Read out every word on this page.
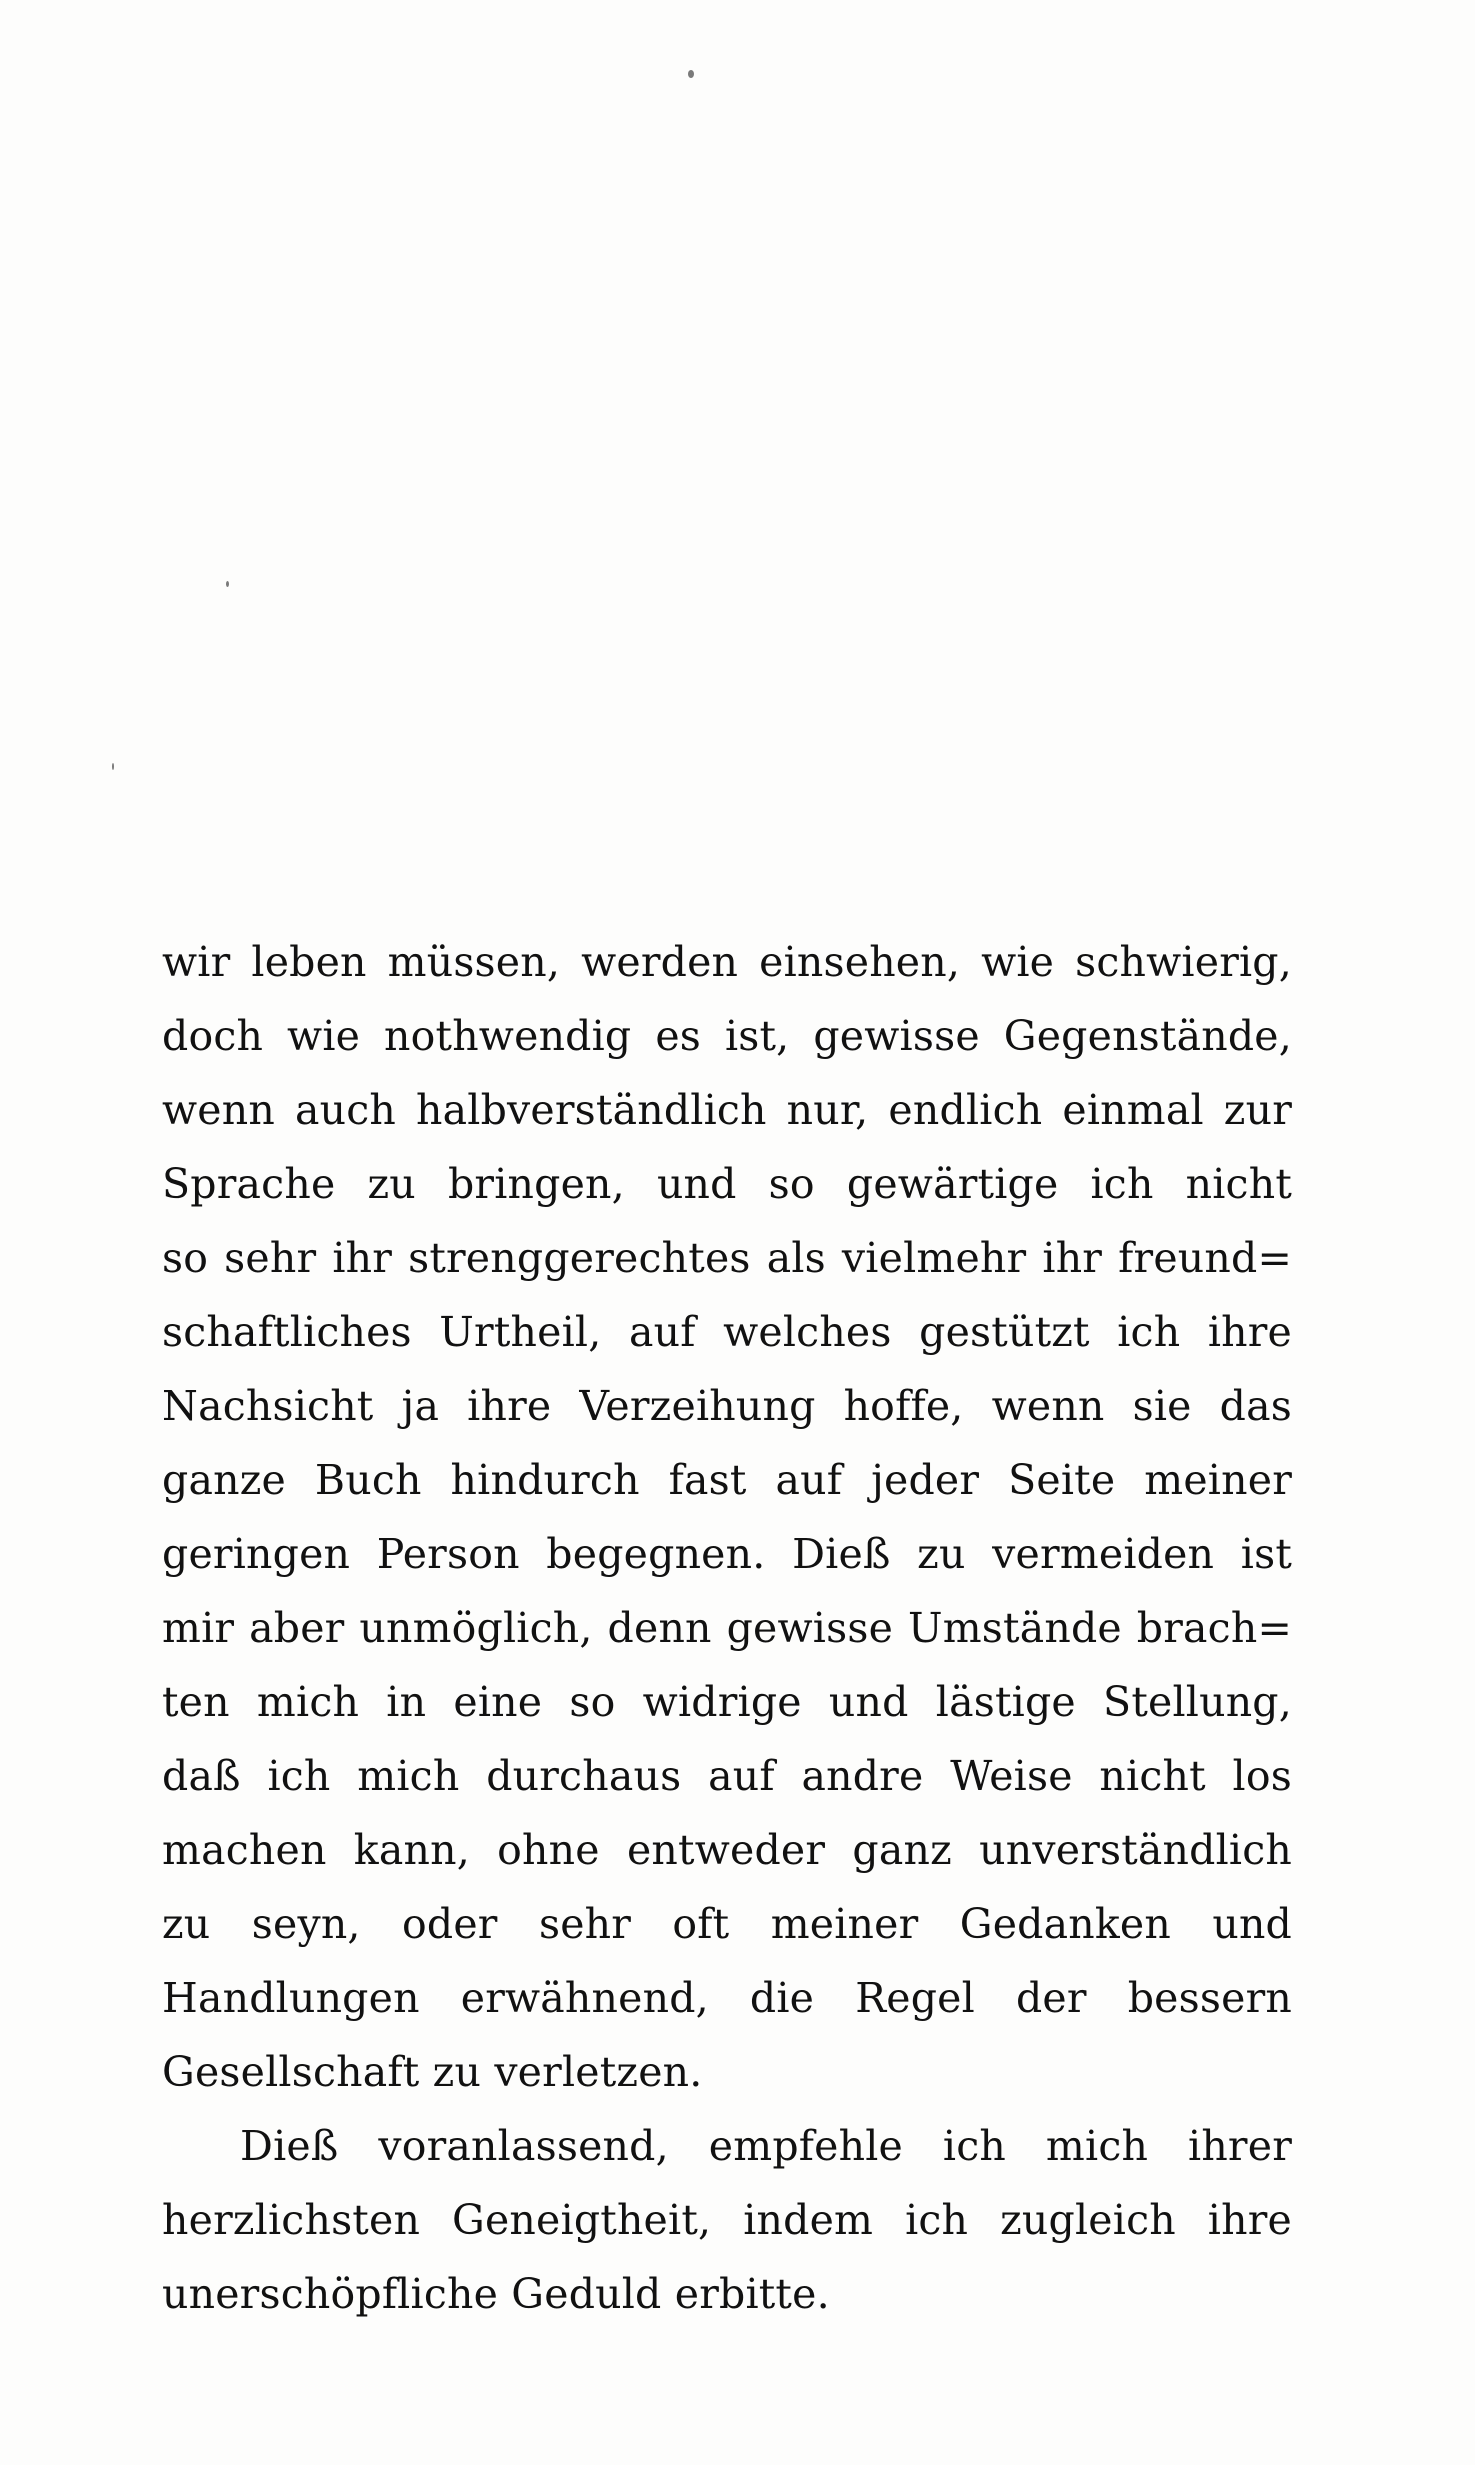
wir leben müssen, werden einsehen, wie schwierig,
doch wie nothwendig es ist, gewisse Gegenstände,
wenn auch halbverständlich nur, endlich einmal zur
Sprache zu bringen, und so gewärtige ich nicht
so sehr ihr strenggerechtes als vielmehr ihr freund=
schaftliches Urtheil, auf welches gestützt ich ihre
Nachsicht ja ihre Verzeihung hoffe, wenn sie das
ganze Buch hindurch fast auf jeder Seite meiner
geringen Person begegnen. Dieß zu vermeiden ist
mir aber unmöglich, denn gewisse Umstände brach=
ten mich in eine so widrige und lästige Stellung,
daß ich mich durchaus auf andre Weise nicht los
machen kann, ohne entweder ganz unverständlich
zu seyn, oder sehr oft meiner Gedanken und
Handlungen erwähnend, die Regel der bessern
Gesellschaft zu verletzen.
Dieß voranlassend, empfehle ich mich ihrer
herzlichsten Geneigtheit, indem ich zugleich ihre
unerschöpfliche Geduld erbitte.
